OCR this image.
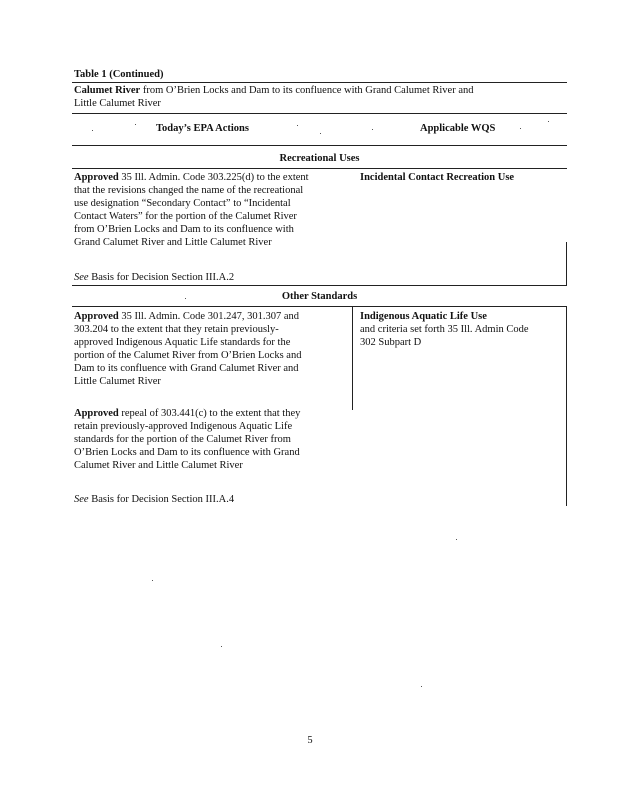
Table 1 (Continued)
Calumet River from O’Brien Locks and Dam to its confluence with Grand Calumet River and
Little Calumet River
Today’s EPA Actions	Applicable WQS
Recreational Uses
Approved 35 Ill. Admin. Code 303.225(d) to the extent
that the revisions changed the name of the recreational
use designation “Secondary Contact” to “Incidental
Contact Waters” for the portion of the Calumet River
from O’Brien Locks and Dam to its confluence with
Grand Calumet River and Little Calumet River
See Basis for Decision Section III.A.2
Incidental Contact Recreation Use
Other Standards
Approved 35 Ill. Admin. Code 301.247, 301.307 and
303.204 to the extent that they retain previously-
approved Indigenous Aquatic Life standards for the
portion of the Calumet River from O’Brien Locks and
Dam to its confluence with Grand Calumet River and
Little Calumet River
Approved repeal of 303.441(c) to the extent that they
retain previously-approved Indigenous Aquatic Life
standards for the portion of the Calumet River from
O’Brien Locks and Dam to its confluence with Grand
Calumet River and Little Calumet River
See Basis for Decision Section III.A.4
Indigenous Aquatic Life Use
and criteria set forth 35 Ill. Admin Code
302 Subpart D
5
